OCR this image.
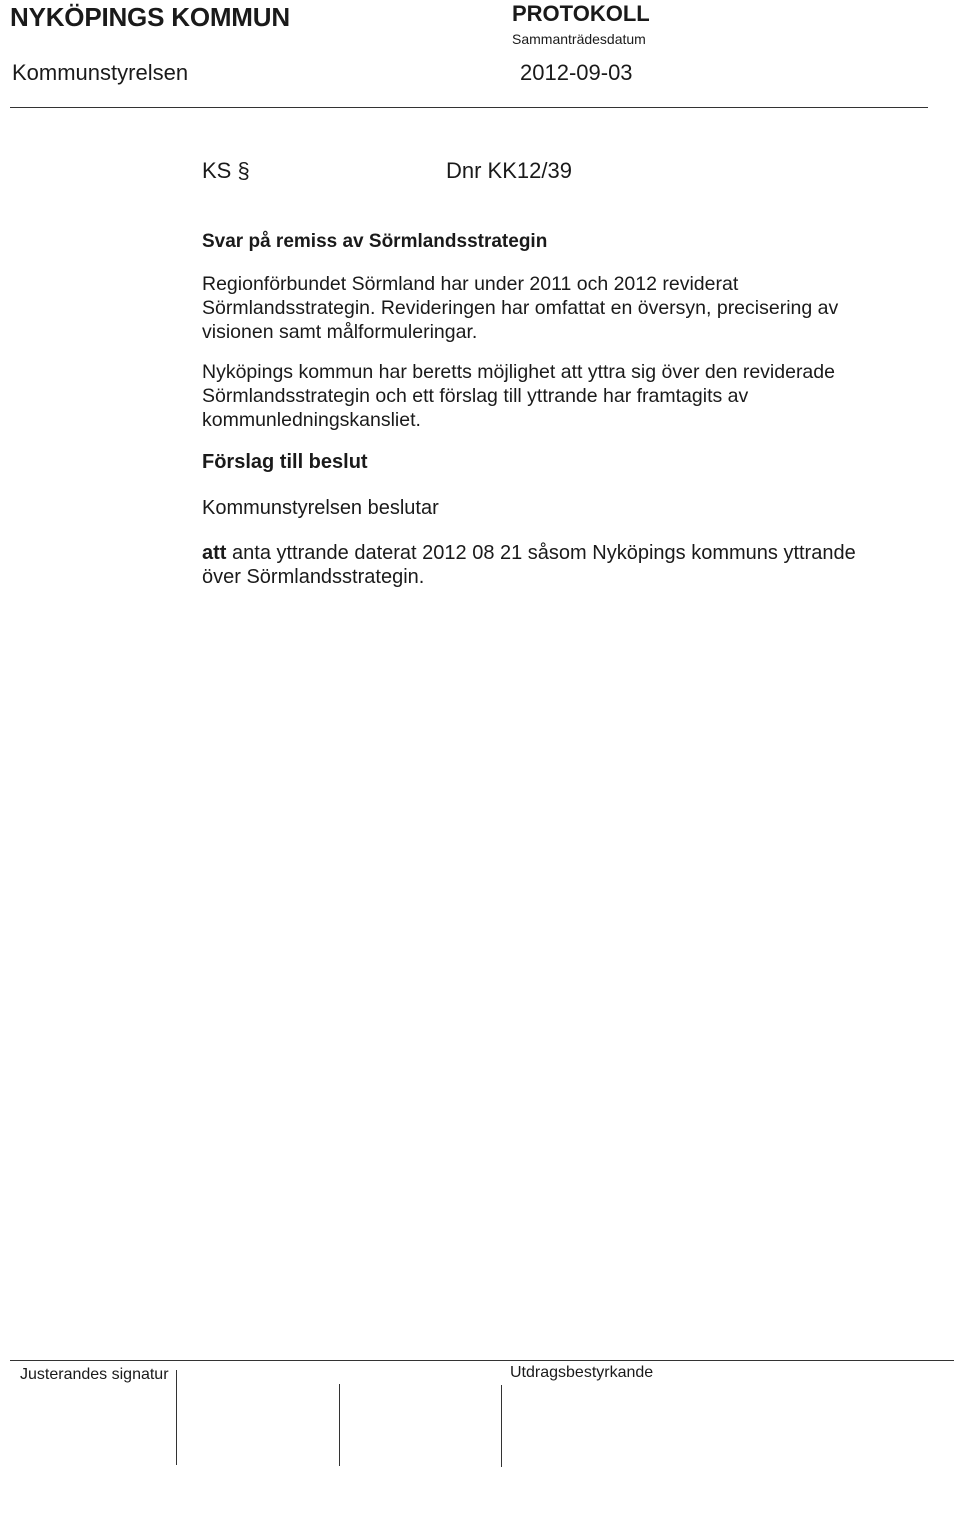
NYKÖPINGS KOMMUN
Kommunstyrelsen
PROTOKOLL
Sammanträdesdatum
2012-09-03
KS §	Dnr KK12/39
Svar på remiss av Sörmlandsstrategin
Regionförbundet Sörmland har under 2011 och 2012 reviderat
Sörmlandsstrategin. Revideringen har omfattat en översyn, precisering av
visionen samt målformuleringar.
Nyköpings kommun har beretts möjlighet att yttra sig över den reviderade
Sörmlandsstrategin och ett förslag till yttrande har framtagits av
kommunledningskansliet.
Förslag till beslut
Kommunstyrelsen beslutar
att anta yttrande daterat 2012 08 21 såsom Nyköpings kommuns yttrande
över Sörmlandsstrategin.
Justerandes signatur	Utdragsbestyrkande
